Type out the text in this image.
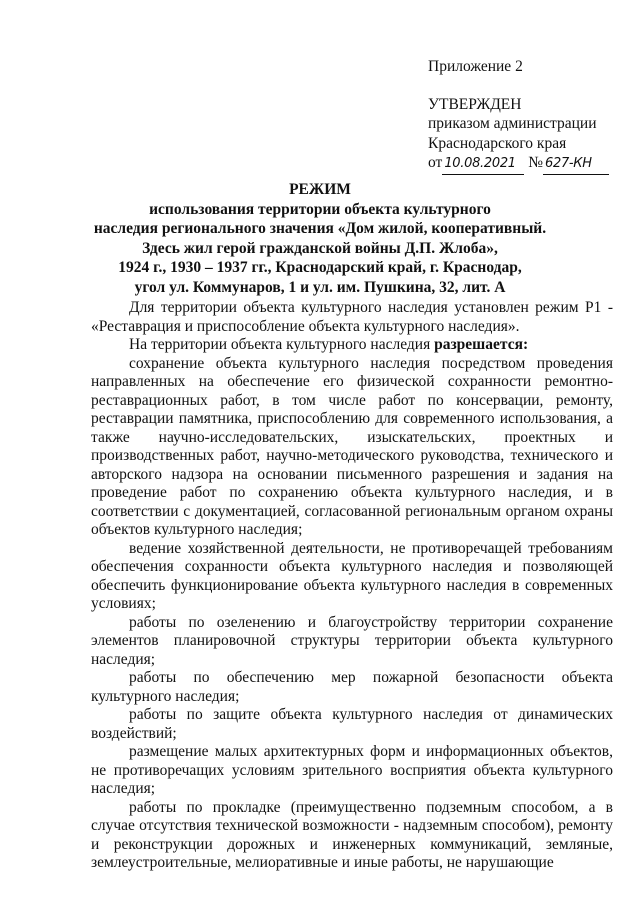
Приложение 2
УТВЕРЖДЕН
приказом администрации
Краснодарского края
от 10.08.2021 № 627-КН
РЕЖИМ
использования территории объекта культурного
наследия регионального значения «Дом жилой, кооперативный.
Здесь жил герой гражданской войны Д.П. Жлоба»,
1924 г., 1930 – 1937 гг., Краснодарский край, г. Краснодар,
угол ул. Коммунаров, 1 и ул. им. Пушкина, 32, лит. А

Для территории объекта культурного наследия установлен режим Р1 - «Реставрация и приспособление объекта культурного наследия».

На территории объекта культурного наследия разрешается:

сохранение объекта культурного наследия посредством проведения направленных на обеспечение его физической сохранности ремонтно-реставрационных работ, в том числе работ по консервации, ремонту, реставрации памятника, приспособлению для современного использования, а также научно-исследовательских, изыскательских, проектных и производственных работ, научно-методического руководства, технического и авторского надзора на основании письменного разрешения и задания на проведение работ по сохранению объекта культурного наследия, и в соответствии с документацией, согласованной региональным органом охраны объектов культурного наследия;

ведение хозяйственной деятельности, не противоречащей требованиям обеспечения сохранности объекта культурного наследия и позволяющей обеспечить функционирование объекта культурного наследия в современных условиях;

работы по озеленению и благоустройству территории сохранение элементов планировочной структуры территории объекта культурного наследия;

работы по обеспечению мер пожарной безопасности объекта культурного наследия;

работы по защите объекта культурного наследия от динамических воздействий;

размещение малых архитектурных форм и информационных объектов, не противоречащих условиям зрительного восприятия объекта культурного наследия;

работы по прокладке (преимущественно подземным способом, а в случае отсутствия технической возможности - надземным способом), ремонту и реконструкции дорожных и инженерных коммуникаций, земляные, землеустроительные, мелиоративные и иные работы, не нарушающие
